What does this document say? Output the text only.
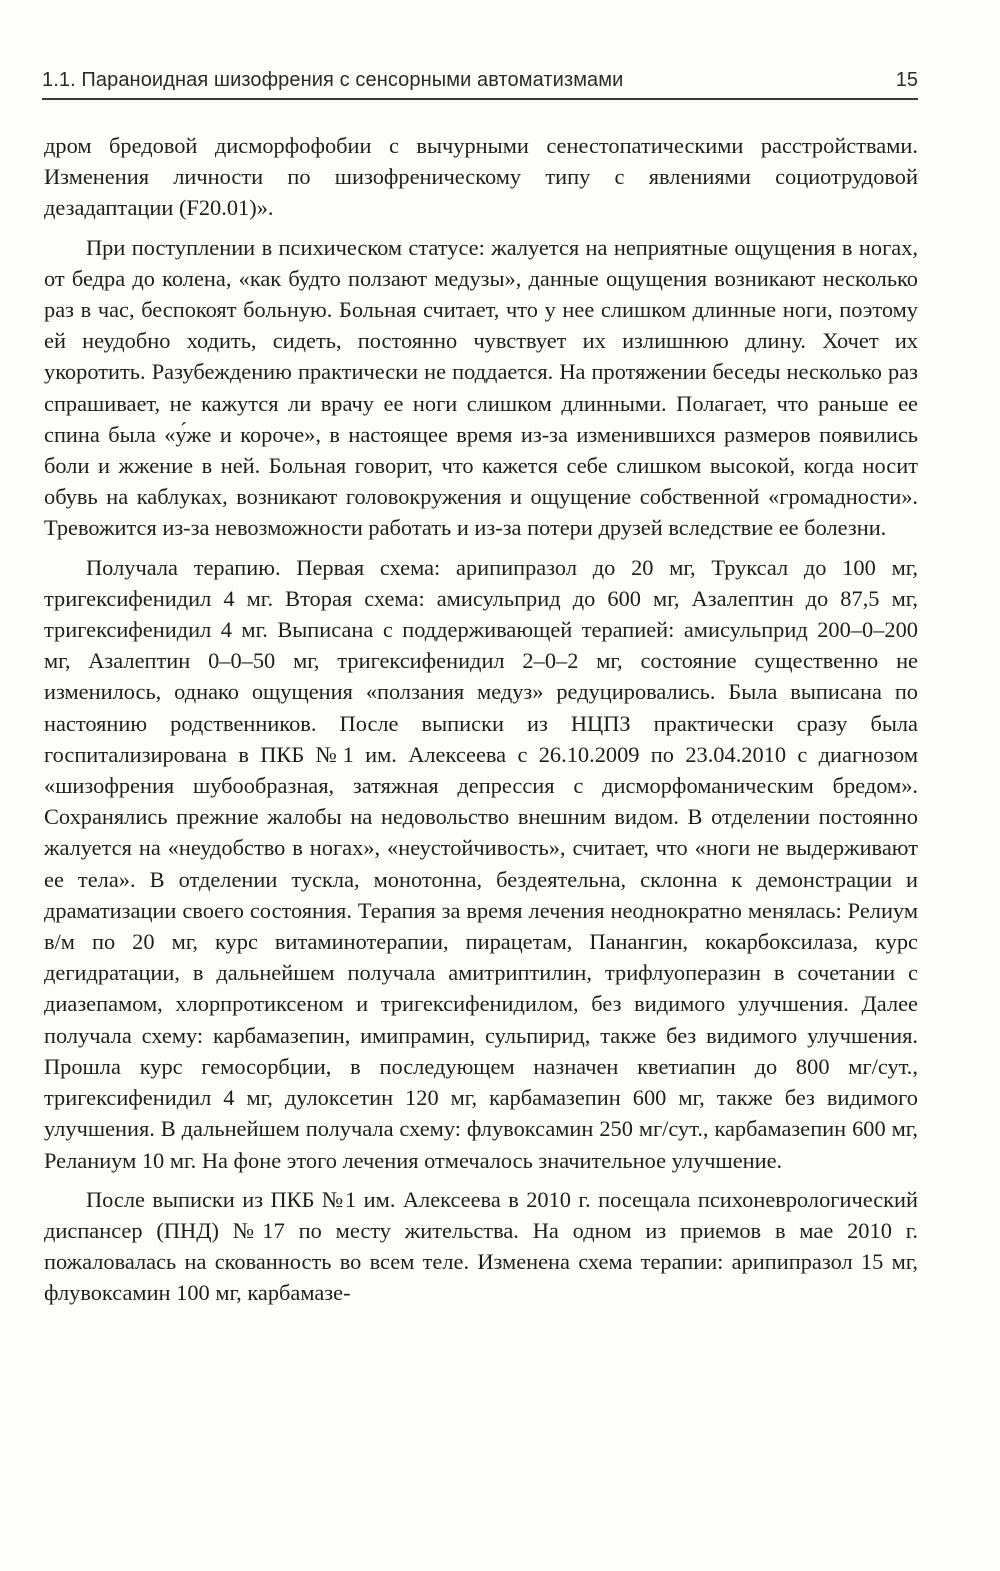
1.1. Параноидная шизофрения с сенсорными автоматизмами	15

дром бредовой дисморфофобии с вычурными сенестопатическими расстройствами. Изменения личности по шизофреническому типу с явлениями социотрудовой дезадаптации (F20.01)».

При поступлении в психическом статусе: жалуется на неприятные ощущения в ногах, от бедра до колена, «как будто ползают медузы», данные ощущения возникают несколько раз в час, беспокоят больную. Больная считает, что у нее слишком длинные ноги, поэтому ей неудобно ходить, сидеть, постоянно чувствует их излишнюю длину. Хочет их укоротить. Разубеждению практически не поддается. На протяжении беседы несколько раз спрашивает, не кажутся ли врачу ее ноги слишком длинными. Полагает, что раньше ее спина была «у́же и короче», в настоящее время из-за изменившихся размеров появились боли и жжение в ней. Больная говорит, что кажется себе слишком высокой, когда носит обувь на каблуках, возникают головокружения и ощущение собственной «громадности». Тревожится из-за невозможности работать и из-за потери друзей вследствие ее болезни.

Получала терапию. Первая схема: арипипразол до 20 мг, Труксал до 100 мг, тригексифенидил 4 мг. Вторая схема: амисульприд до 600 мг, Азалептин до 87,5 мг, тригексифенидил 4 мг. Выписана с поддерживающей терапией: амисульприд 200–0–200 мг, Азалептин 0–0–50 мг, тригексифенидил 2–0–2 мг, состояние существенно не изменилось, однако ощущения «ползания медуз» редуцировались. Была выписана по настоянию родственников. После выписки из НЦПЗ практически сразу была госпитализирована в ПКБ №1 им. Алексеева с 26.10.2009 по 23.04.2010 с диагнозом «шизофрения шубообразная, затяжная депрессия с дисморфоманическим бредом». Сохранялись прежние жалобы на недовольство внешним видом. В отделении постоянно жалуется на «неудобство в ногах», «неустойчивость», считает, что «ноги не выдерживают ее тела». В отделении тускла, монотонна, бездеятельна, склонна к демонстрации и драматизации своего состояния. Терапия за время лечения неоднократно менялась: Релиум в/м по 20 мг, курс витаминотерапии, пирацетам, Панангин, кокарбоксилаза, курс дегидратации, в дальнейшем получала амитриптилин, трифлуоперазин в сочетании с диазепамом, хлорпротиксеном и тригексифенидилом, без видимого улучшения. Далее получала схему: карбамазепин, имипрамин, сульпирид, также без видимого улучшения. Прошла курс гемосорбции, в последующем назначен кветиапин до 800 мг/сут., тригексифенидил 4 мг, дулоксетин 120 мг, карбамазепин 600 мг, также без видимого улучшения. В дальнейшем получала схему: флувоксамин 250 мг/сут., карбамазепин 600 мг, Реланиум 10 мг. На фоне этого лечения отмечалось значительное улучшение.

После выписки из ПКБ №1 им. Алексеева в 2010 г. посещала психоневрологический диспансер (ПНД) №17 по месту жительства. На одном из приемов в мае 2010 г. пожаловалась на скованность во всем теле. Изменена схема терапии: арипипразол 15 мг, флувоксамин 100 мг, карбамазе-
